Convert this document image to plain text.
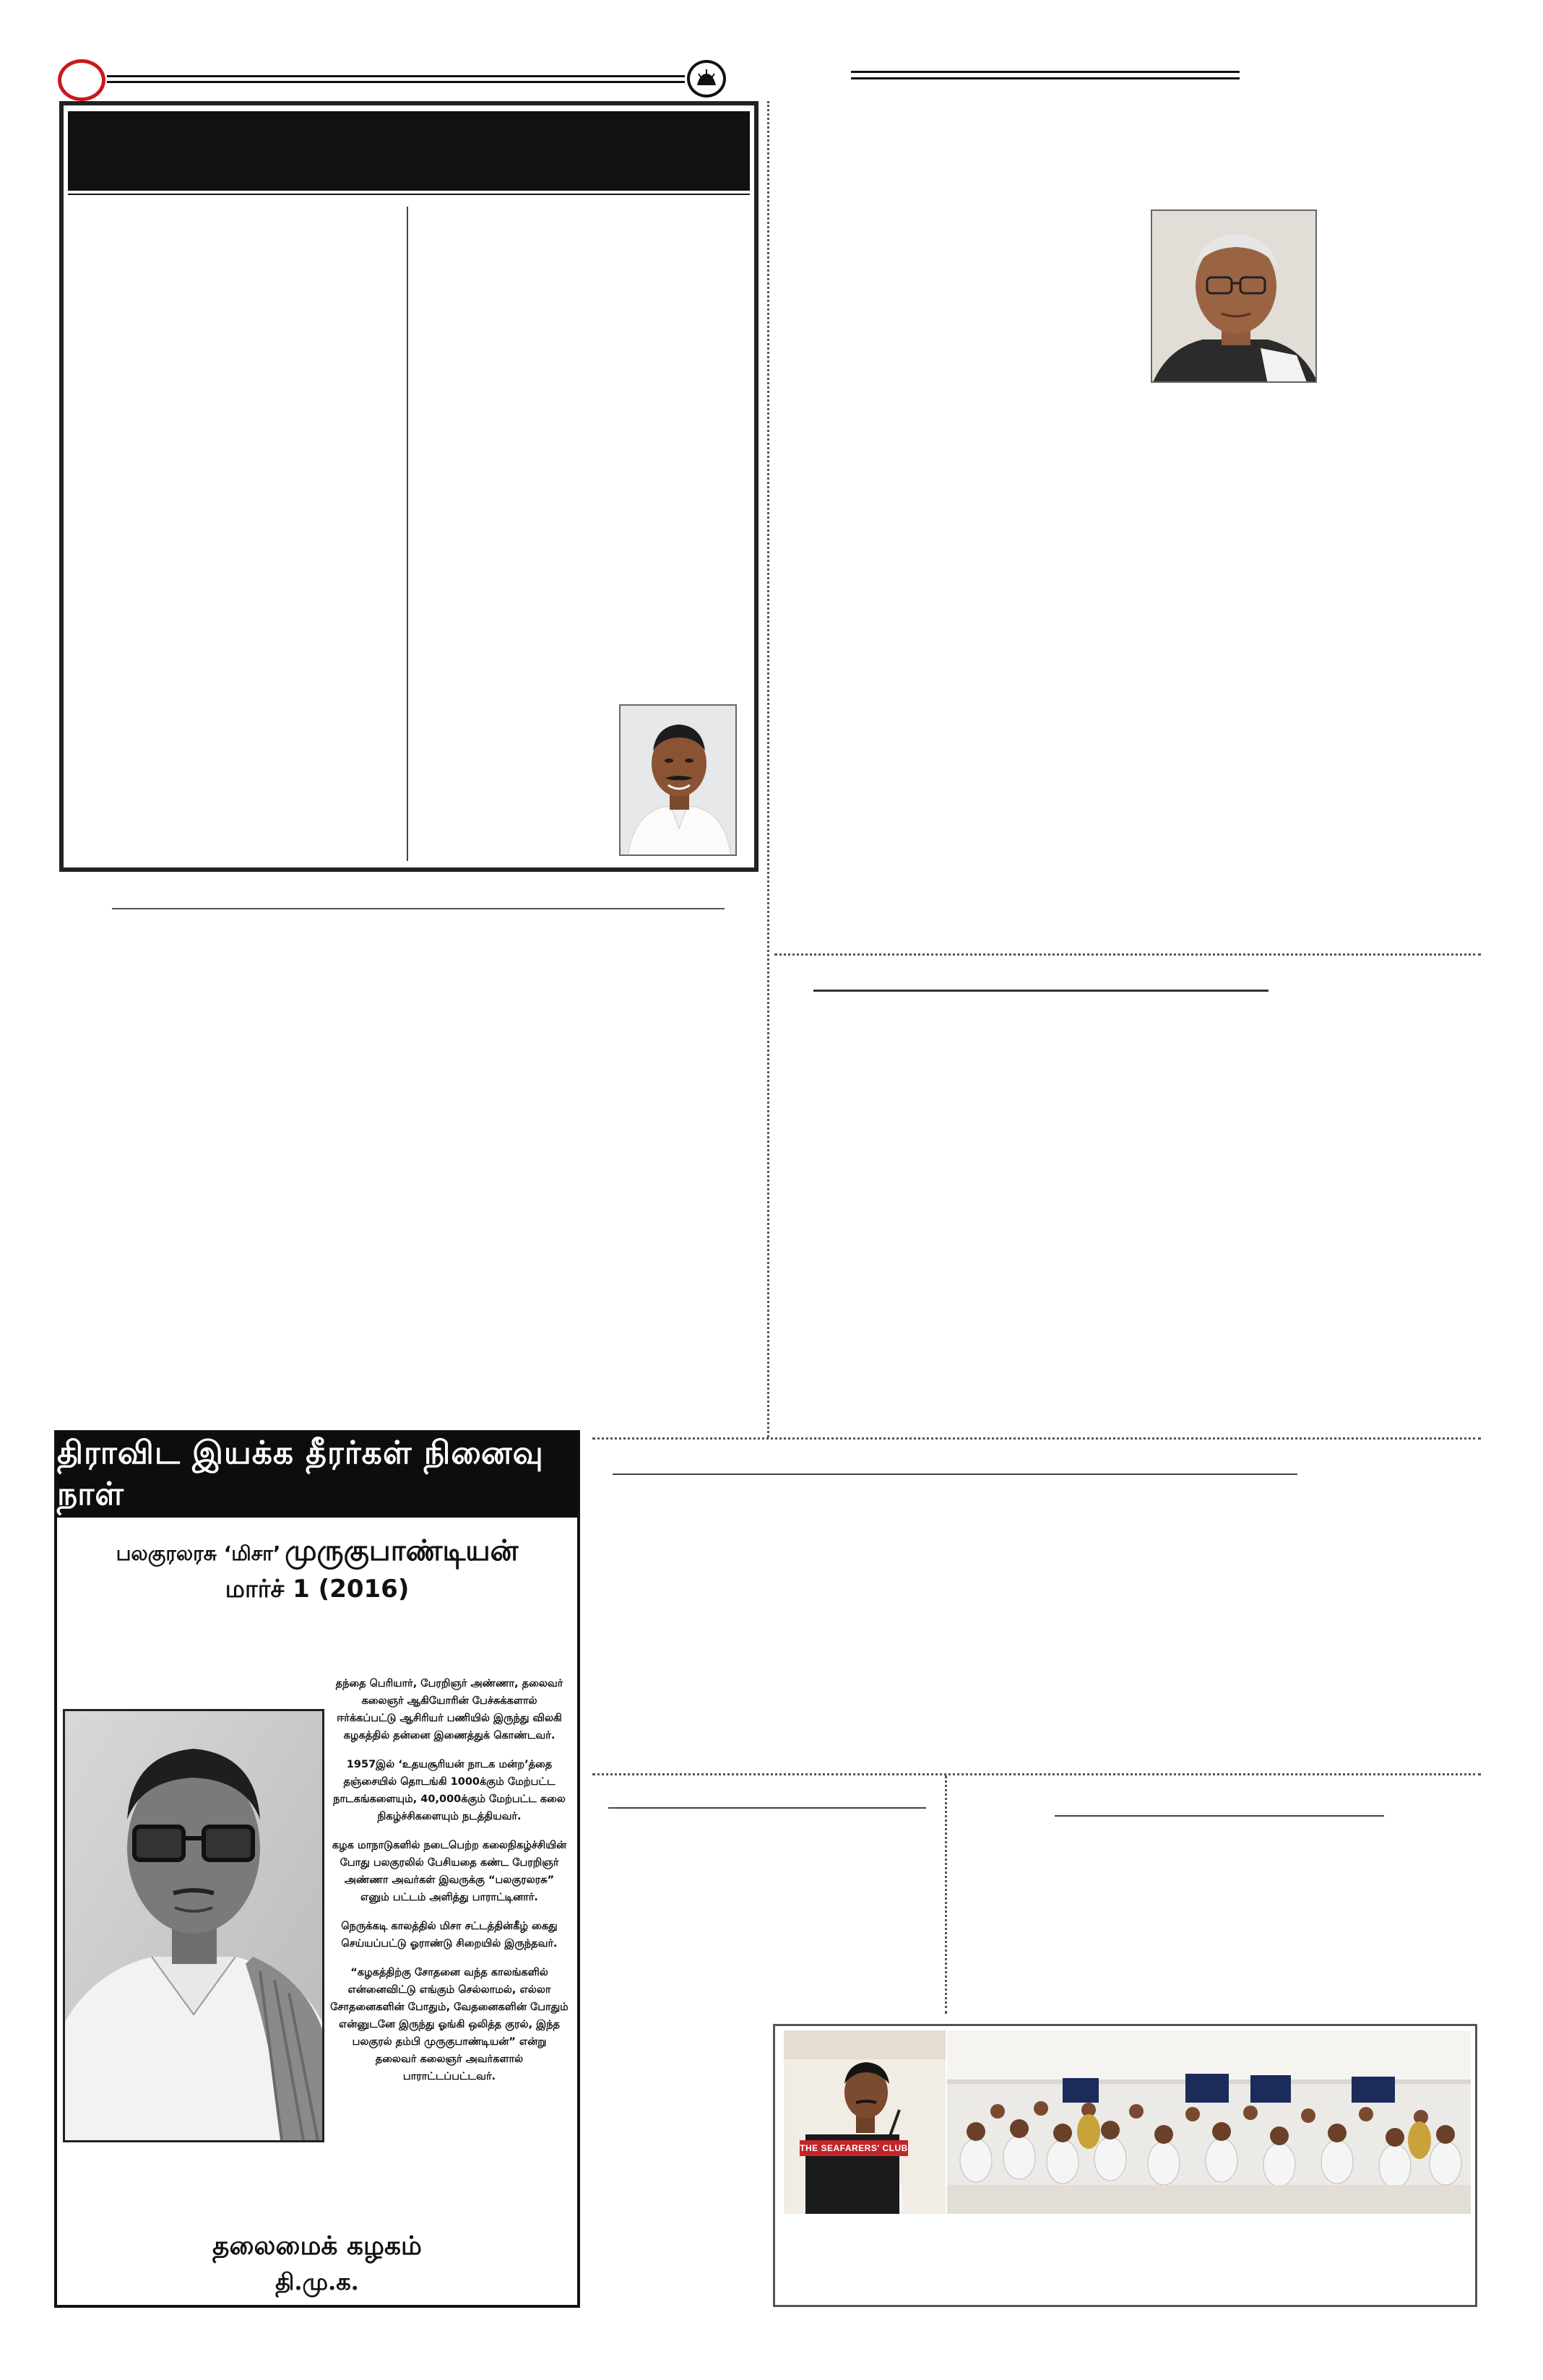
திராவிட இயக்க தீரர்கள் நினைவு நாள்
பலகுரலரசு ‘மிசா’ முருகுபாண்டியன்
மார்ச் 1 (2016)

தந்தை பெரியார், பேரறிஞர் அண்ணா, தலைவர் கலைஞர் ஆகியோரின் பேச்சுக்களால் ஈர்க்கப்பட்டு ஆசிரியர் பணியில் இருந்து விலகி கழகத்தில் தன்னை இணைத்துக் கொண்டவர்.

1957இல் ‘உதயசூரியன் நாடக மன்ற’த்தை தஞ்சையில் தொடங்கி 1000க்கும் மேற்பட்ட நாடகங்களையும், 40,000க்கும் மேற்பட்ட கலை நிகழ்ச்சிகளையும் நடத்தியவர்.

கழக மாநாடுகளில் நடைபெற்ற கலைநிகழ்ச்சியின் போது பலகுரலில் பேசியதை கண்ட பேரறிஞர் அண்ணா அவர்கள் இவருக்கு “பலகுரலரசு” எனும் பட்டம் அளித்து பாராட்டினார்.

நெருக்கடி காலத்தில் மிசா சட்டத்தின்கீழ் கைது செய்யப்பட்டு ஓராண்டு சிறையில் இருந்தவர்.

“கழகத்திற்கு சோதனை வந்த காலங்களில் என்னைவிட்டு எங்கும் செல்லாமல், எல்லா சோதனைகளின் போதும், வேதனைகளின் போதும் என்னுடனே இருந்து ஓங்கி ஒலித்த குரல், இந்த பலகுரல் தம்பி முருகுபாண்டியன்” என்று தலைவர் கலைஞர் அவர்களால் பாராட்டப்பட்டவர்.

தலைமைக் கழகம்
தி.மு.க.
THE SEAFARERS' CLUB
